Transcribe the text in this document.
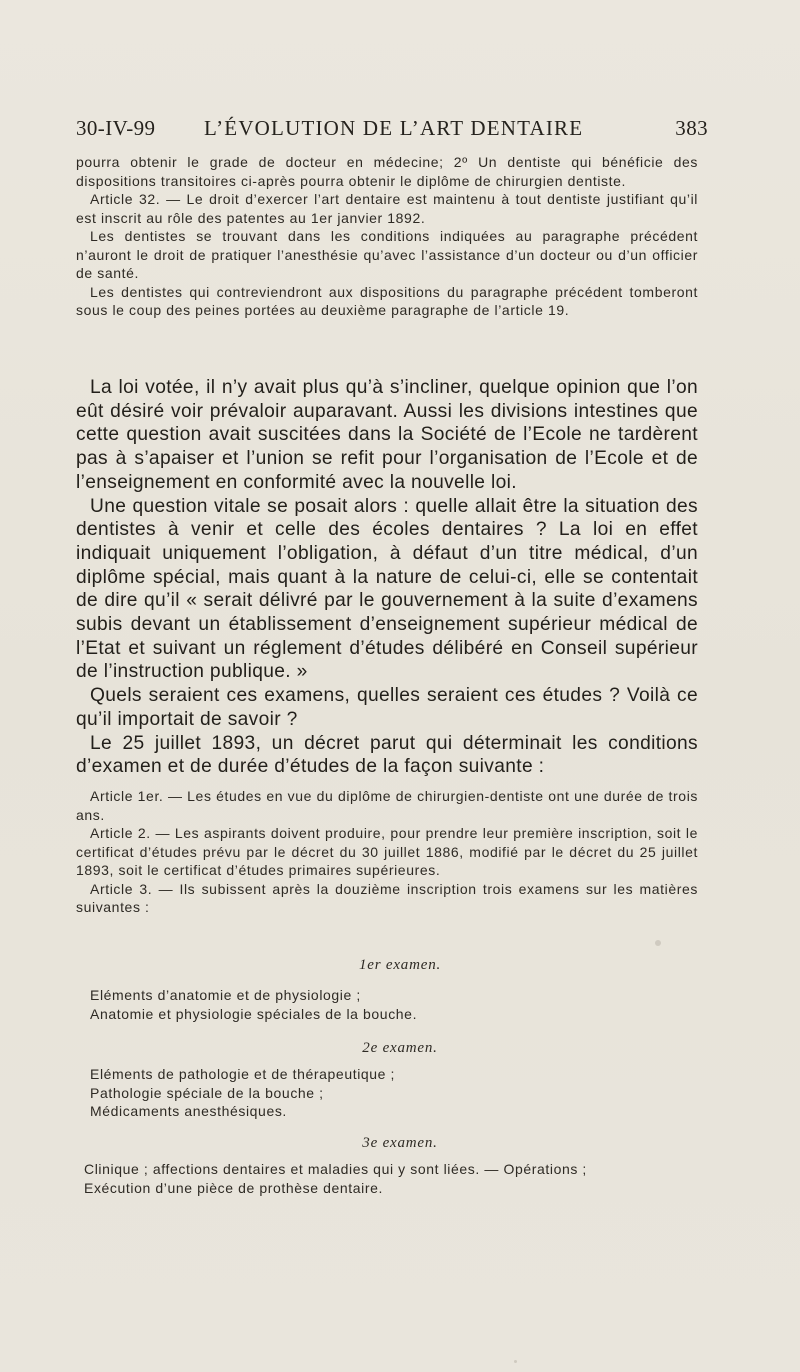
30-IV-99 L’ÉVOLUTION DE L’ART DENTAIRE	383

pourra obtenir le grade de docteur en médecine; 2º Un dentiste qui bénéficie des dispositions transitoires ci-après pourra obtenir le diplôme de chirurgien dentiste.

Article 32. — Le droit d’exercer l’art dentaire est maintenu à tout dentiste justifiant qu’il est inscrit au rôle des patentes au 1er janvier 1892.

Les dentistes se trouvant dans les conditions indiquées au paragraphe précédent n’auront le droit de pratiquer l’anesthésie qu’avec l’assistance d’un docteur ou d’un officier de santé.

Les dentistes qui contreviendront aux dispositions du paragraphe précédent tomberont sous le coup des peines portées au deuxième paragraphe de l’article 19.

La loi votée, il n’y avait plus qu’à s’incliner, quelque opinion que l’on eût désiré voir prévaloir auparavant. Aussi les divisions intestines que cette question avait suscitées dans la Société de l’Ecole ne tardèrent pas à s’apaiser et l’union se refit pour l’organisation de l’Ecole et de l’enseignement en conformité avec la nouvelle loi.

Une question vitale se posait alors : quelle allait être la situation des dentistes à venir et celle des écoles dentaires ? La loi en effet indiquait uniquement l’obligation, à défaut d’un titre médical, d’un diplôme spécial, mais quant à la nature de celui-ci, elle se contentait de dire qu’il « serait délivré par le gouvernement à la suite d’examens subis devant un établissement d’enseignement supérieur médical de l’Etat et suivant un réglement d’études délibéré en Conseil supérieur de l’instruction publique. »

Quels seraient ces examens, quelles seraient ces études ? Voilà ce qu’il importait de savoir ?

Le 25 juillet 1893, un décret parut qui déterminait les conditions d’examen et de durée d’études de la façon suivante :

Article 1er. — Les études en vue du diplôme de chirurgien-dentiste ont une durée de trois ans.

Article 2. — Les aspirants doivent produire, pour prendre leur première inscription, soit le certificat d’études prévu par le décret du 30 juillet 1886, modifié par le décret du 25 juillet 1893, soit le certificat d’études primaires supérieures.

Article 3. — Ils subissent après la douzième inscription trois examens sur les matières suivantes :

1er examen.
Eléments d’anatomie et de physiologie ;
Anatomie et physiologie spéciales de la bouche.
2e examen.
Eléments de pathologie et de thérapeutique ;
Pathologie spéciale de la bouche ;
Médicaments anesthésiques.
3e examen.
Clinique ; affections dentaires et maladies qui y sont liées. — Opérations ;
Exécution d’une pièce de prothèse dentaire.
